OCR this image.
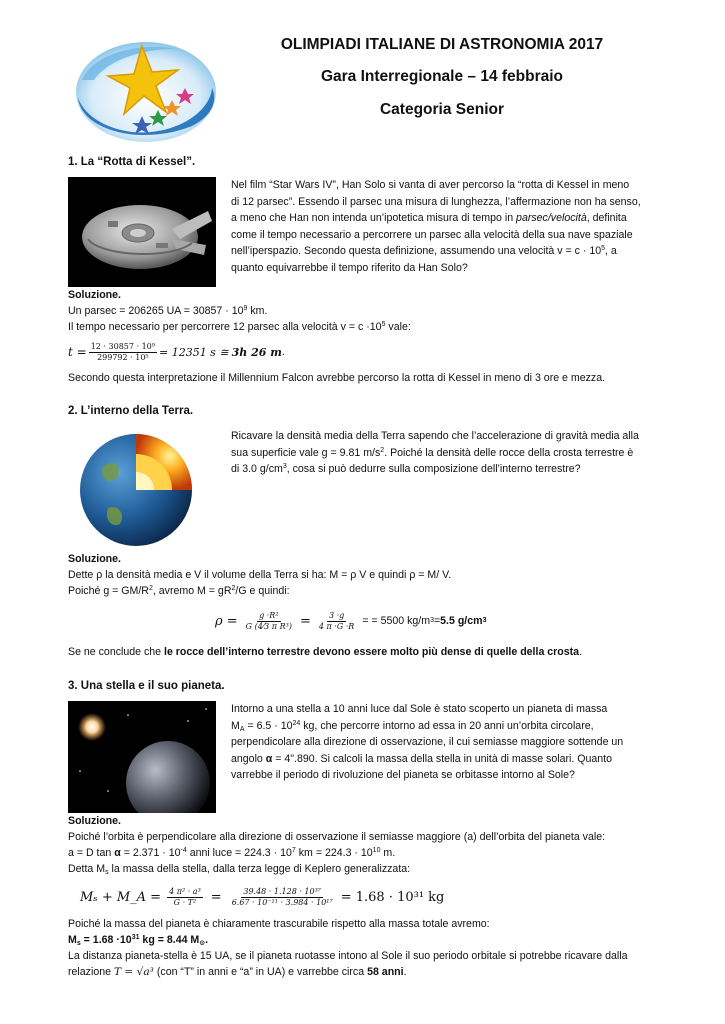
OLIMPIADI ITALIANE DI ASTRONOMIA 2017
Gara Interregionale – 14 febbraio
Categoria Senior
1. La “Rotta di Kessel”.
Nel film “Star Wars IV”, Han Solo si vanta di aver percorso la “rotta di Kessel in meno
di 12 parsec”. Essendo il parsec una misura di lunghezza, l’affermazione non ha senso,
a meno che Han non intenda un’ipotetica misura di tempo in parsec/velocità, definita
come il tempo necessario a percorrere un parsec alla velocità della sua nave spaziale
nell’iperspazio. Secondo questa definizione, assumendo una velocità $v = c \cdot 10^5$, a
quanto equivarrebbe il tempo riferito da Han Solo?
Soluzione.
Un parsec = 206265 UA = $30857 \cdot 10^9$ km.
Il tempo necessario per percorrere 12 parsec alla velocità $v = c \cdot 10^5$ vale:
$t = \frac{\text{12 · 30857 · 10⁹}}{\text{299792 · 10⁵}} = 12351$ s ≅
3h 26 m .
Secondo questa interpretazione il Millennium Falcon avrebbe percorso la rotta di Kessel in meno di 3 ore e mezza.
2. L’interno della Terra.
Ricavare la densità media della Terra sapendo che l’accelerazione di gravità media alla
sua superficie vale g = 9.81 $m/s^2$. Poiché la densità delle rocce della crosta terrestre è
di 3.0 $g/cm^3$, cosa si può dedurre sulla composizione dell’interno terrestre?
Soluzione.
Dette ρ la densità media e V il volume della Terra si ha: M = ρ V e quindi ρ = M/ V.
Poiché $g = GM/R^2$, avremo $M = gR^2/G$ e quindi:
$\rho = \frac{\text{g ·R²}}{\text{G (4⁄3 π R³)}} = \frac{3 \cdot g}{4 \pi \cdot G \cdot R}$ = = 5500 kg/m 3 = 5.5 g/cm 3
Se ne conclude che le rocce dell’interno terrestre devono essere molto più dense di quelle della crosta.
3. Una stella e il suo pianeta.
Intorno a una stella a 10 anni luce dal Sole è stato scoperto un pianeta di massa
$M_A = 6.5 \cdot 10^{24}$ kg, che percorre intorno ad essa in 20 anni un’orbita circolare,
perpendicolare alla direzione di osservazione, il cui semiasse maggiore sottende un
angolo α = 4".890. Si calcoli la massa della stella in unità di masse solari. Quanto
varrebbe il periodo di rivoluzione del pianeta se orbitasse intorno al Sole?
Soluzione.
Poiché l’orbita è perpendicolare alla direzione di osservazione il semiasse maggiore (a) dell’orbita del pianeta vale:
a = D $\tan \alpha = 2.371 \cdot 10^{-4}$ anni luce = $224.3 \cdot 10^7$ km = $224.3 \cdot 10^{10}$ m.
Detta $M_s$ la massa della stella, dalla terza legge di Keplero generalizzata:
Mₛ + M_A = $\frac{\text{4 π² · a³}}{\text{G · T²}} = \frac{\text{39.48 · 1.128 · 10³⁷}}{\text{6.67 · 10⁻¹¹ · 3.984 · 10¹⁷}} = 1.68 \cdot 10^{31}$ kg
Poiché la massa del pianeta è chiaramente trascurabile rispetto alla massa totale avremo:
$M_s = 1.68 \cdot 10^{31}$ kg = 8.44 $M_⊙$.
La distanza pianeta-stella è 15 UA, se il pianeta ruotasse intono al Sole il suo periodo orbitale si potrebbe ricavare dalla
relazione T = √a³ (con “T” in anni e “a” in UA) e varrebbe circa 58 anni.
